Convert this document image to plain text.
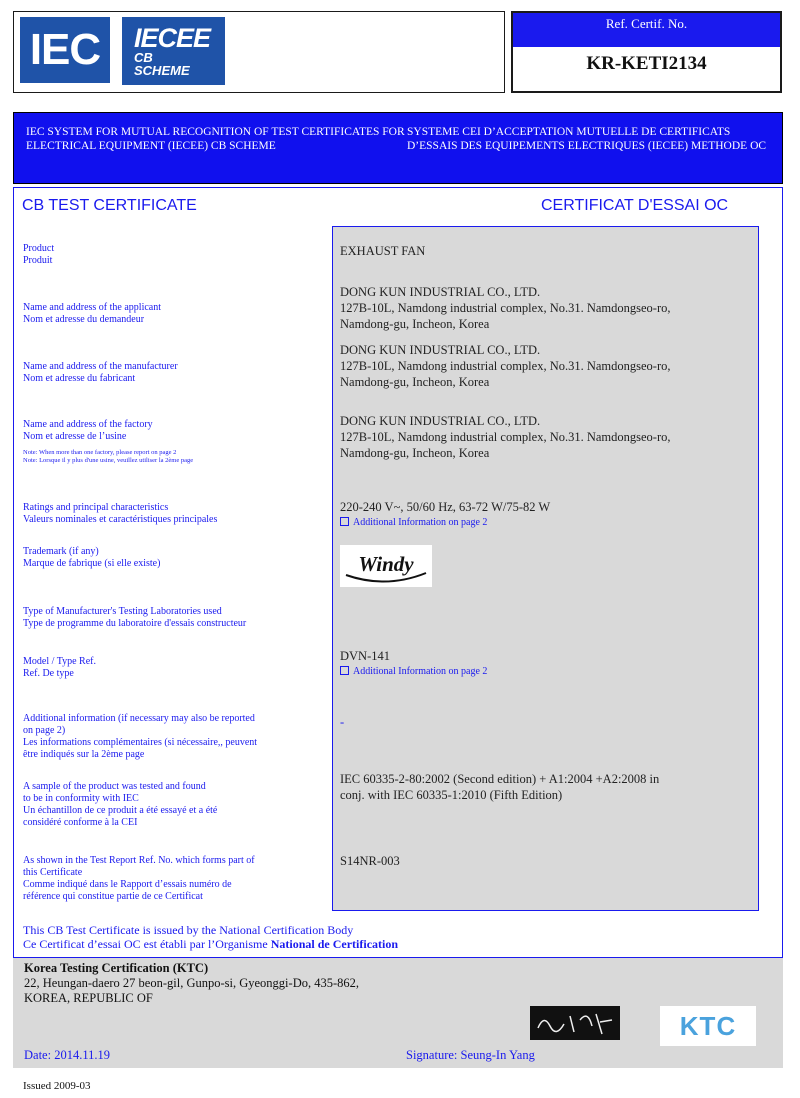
IEC IECEE
CB
SCHEME
Ref. Certif. No.
KR-KETI2134
IEC SYSTEM FOR MUTUAL RECOGNITION OF TEST CERTIFICATES FOR ELECTRICAL EQUIPMENT (IECEE) CB SCHEME
SYSTEME CEI D’ACCEPTATION MUTUELLE DE CERTIFICATS D’ESSAIS DES EQUIPEMENTS ELECTRIQUES (IECEE) METHODE OC
CB TEST CERTIFICATE	CERTIFICAT D'ESSAI OC
Product
Produit
Name and address of the applicant
Nom et adresse du demandeur
Name and address of the manufacturer
Nom et adresse du fabricant
Name and address of the factory
Nom et adresse de l’usine
Note: When more than one factory, please report on page 2
Note: Lorsque il y plus d'une usine, veuillez utiliser la 2ème page
Ratings and principal characteristics
Valeurs nominales et caractéristiques principales
Trademark (if any)
Marque de fabrique (si elle existe)
Type of Manufacturer's Testing Laboratories used
Type de programme du laboratoire d'essais constructeur
Model / Type Ref.
Ref. De type
Additional information (if necessary may also be reported
on page 2)
Les informations complémentaires (si nécessaire,, peuvent
être indiqués sur la 2ème page
A sample of the product was tested and found
to be in conformity with IEC
Un échantillon de ce produit a été essayé et a été
considéré conforme à la CEI
As shown in the Test Report Ref. No. which forms part of
this Certificate
Comme indiqué dans le Rapport d’essais numéro de
référence qui constitue partie de ce Certificat
EXHAUST FAN
DONG KUN INDUSTRIAL CO., LTD.
127B-10L, Namdong industrial complex, No.31. Namdongseo-ro,
Namdong-gu, Incheon, Korea
DONG KUN INDUSTRIAL CO., LTD.
127B-10L, Namdong industrial complex, No.31. Namdongseo-ro,
Namdong-gu, Incheon, Korea
DONG KUN INDUSTRIAL CO., LTD.
127B-10L, Namdong industrial complex, No.31. Namdongseo-ro,
Namdong-gu, Incheon, Korea
220-240 V~, 50/60 Hz, 63-72 W/75-82 W
Additional Information on page 2
Windy
DVN-141
Additional Information on page 2
-
IEC 60335-2-80:2002 (Second edition) + A1:2004 +A2:2008 in
conj. with IEC 60335-1:2010 (Fifth Edition)
S14NR-003
This CB Test Certificate is issued by the National Certification Body
Ce Certificat d’essai OC est établi par l’Organisme National de Certification
Korea Testing Certification (KTC)
22, Heungan-daero 27 beon-gil, Gunpo-si, Gyeonggi-Do, 435-862,
KOREA, REPUBLIC OF
KTC
Date: 2014.11.19	Signature: Seung-In Yang
Issued 2009-03
